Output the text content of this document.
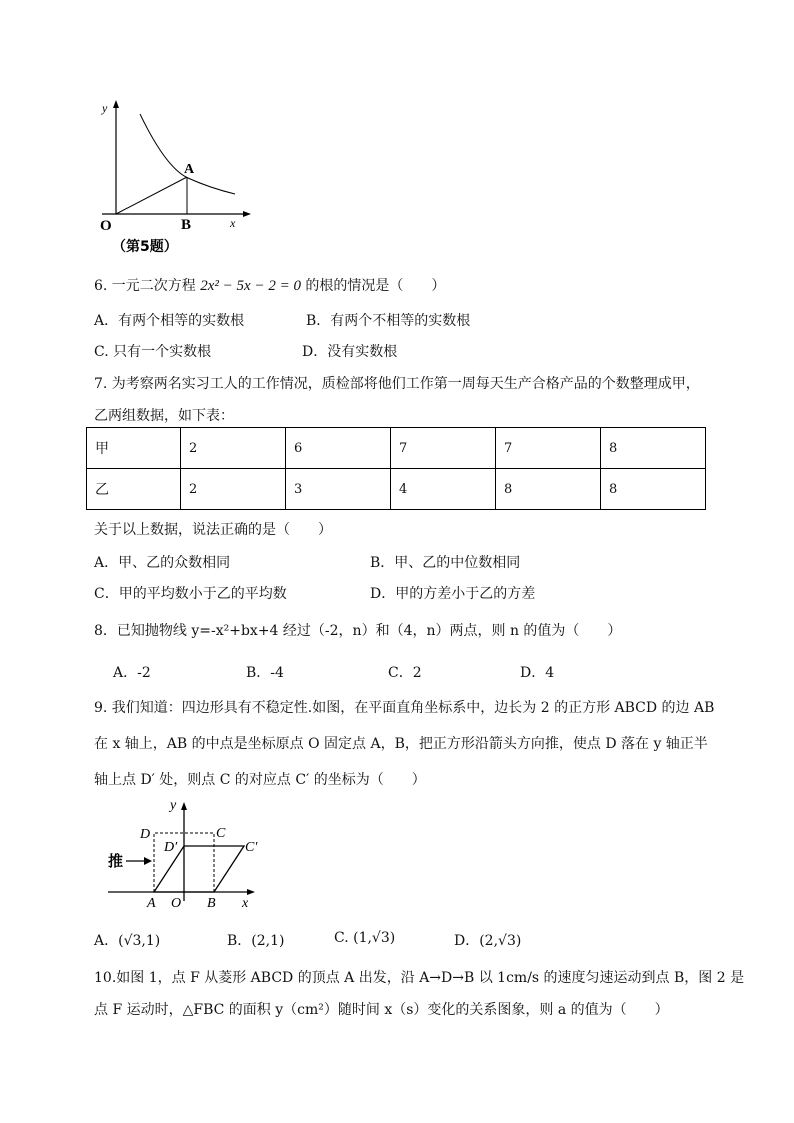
y
x
O
A
B
（第5题）
6. 一元二次方程 2x² − 5x − 2 = 0 的根的情况是（　　）
A．有两个相等的实数根	B．有两个不相等的实数根
C. 只有一个实数根	D．没有实数根
7. 为考察两名实习工人的工作情况，质检部将他们工作第一周每天生产合格产品的个数整理成甲，
乙两组数据，如下表：
甲	2	6	7	7	8
乙	2	3	4	8	8
关于以上数据，说法正确的是（　　）
A．甲、乙的众数相同	B．甲、乙的中位数相同
C．甲的平均数小于乙的平均数	D．甲的方差小于乙的方差
8．已知抛物线 y=-x²+bx+4 经过（-2，n）和（4，n）两点，则 n 的值为（　　）
A．-2	B．-4	C．2	D．4
9. 我们知道：四边形具有不稳定性.如图，在平面直角坐标系中，边长为 2 的正方形 ABCD 的边 AB
在 x 轴上，AB 的中点是坐标原点 O 固定点 A，B，把正方形沿箭头方向推，使点 D 落在 y 轴正半
轴上点 D′ 处，则点 C 的对应点 C′ 的坐标为（　　）
推
y
x
D	C
D′	C′
A O B
A．(√3,1)	B．(2,1)	C. (1,√3)	D．(2,√3)
10.如图 1，点 F 从菱形 ABCD 的顶点 A 出发，沿 A→D→B 以 1cm/s 的速度匀速运动到点 B，图 2 是
点 F 运动时，△FBC 的面积 y（cm²）随时间 x（s）变化的关系图象，则 a 的值为（　　）
